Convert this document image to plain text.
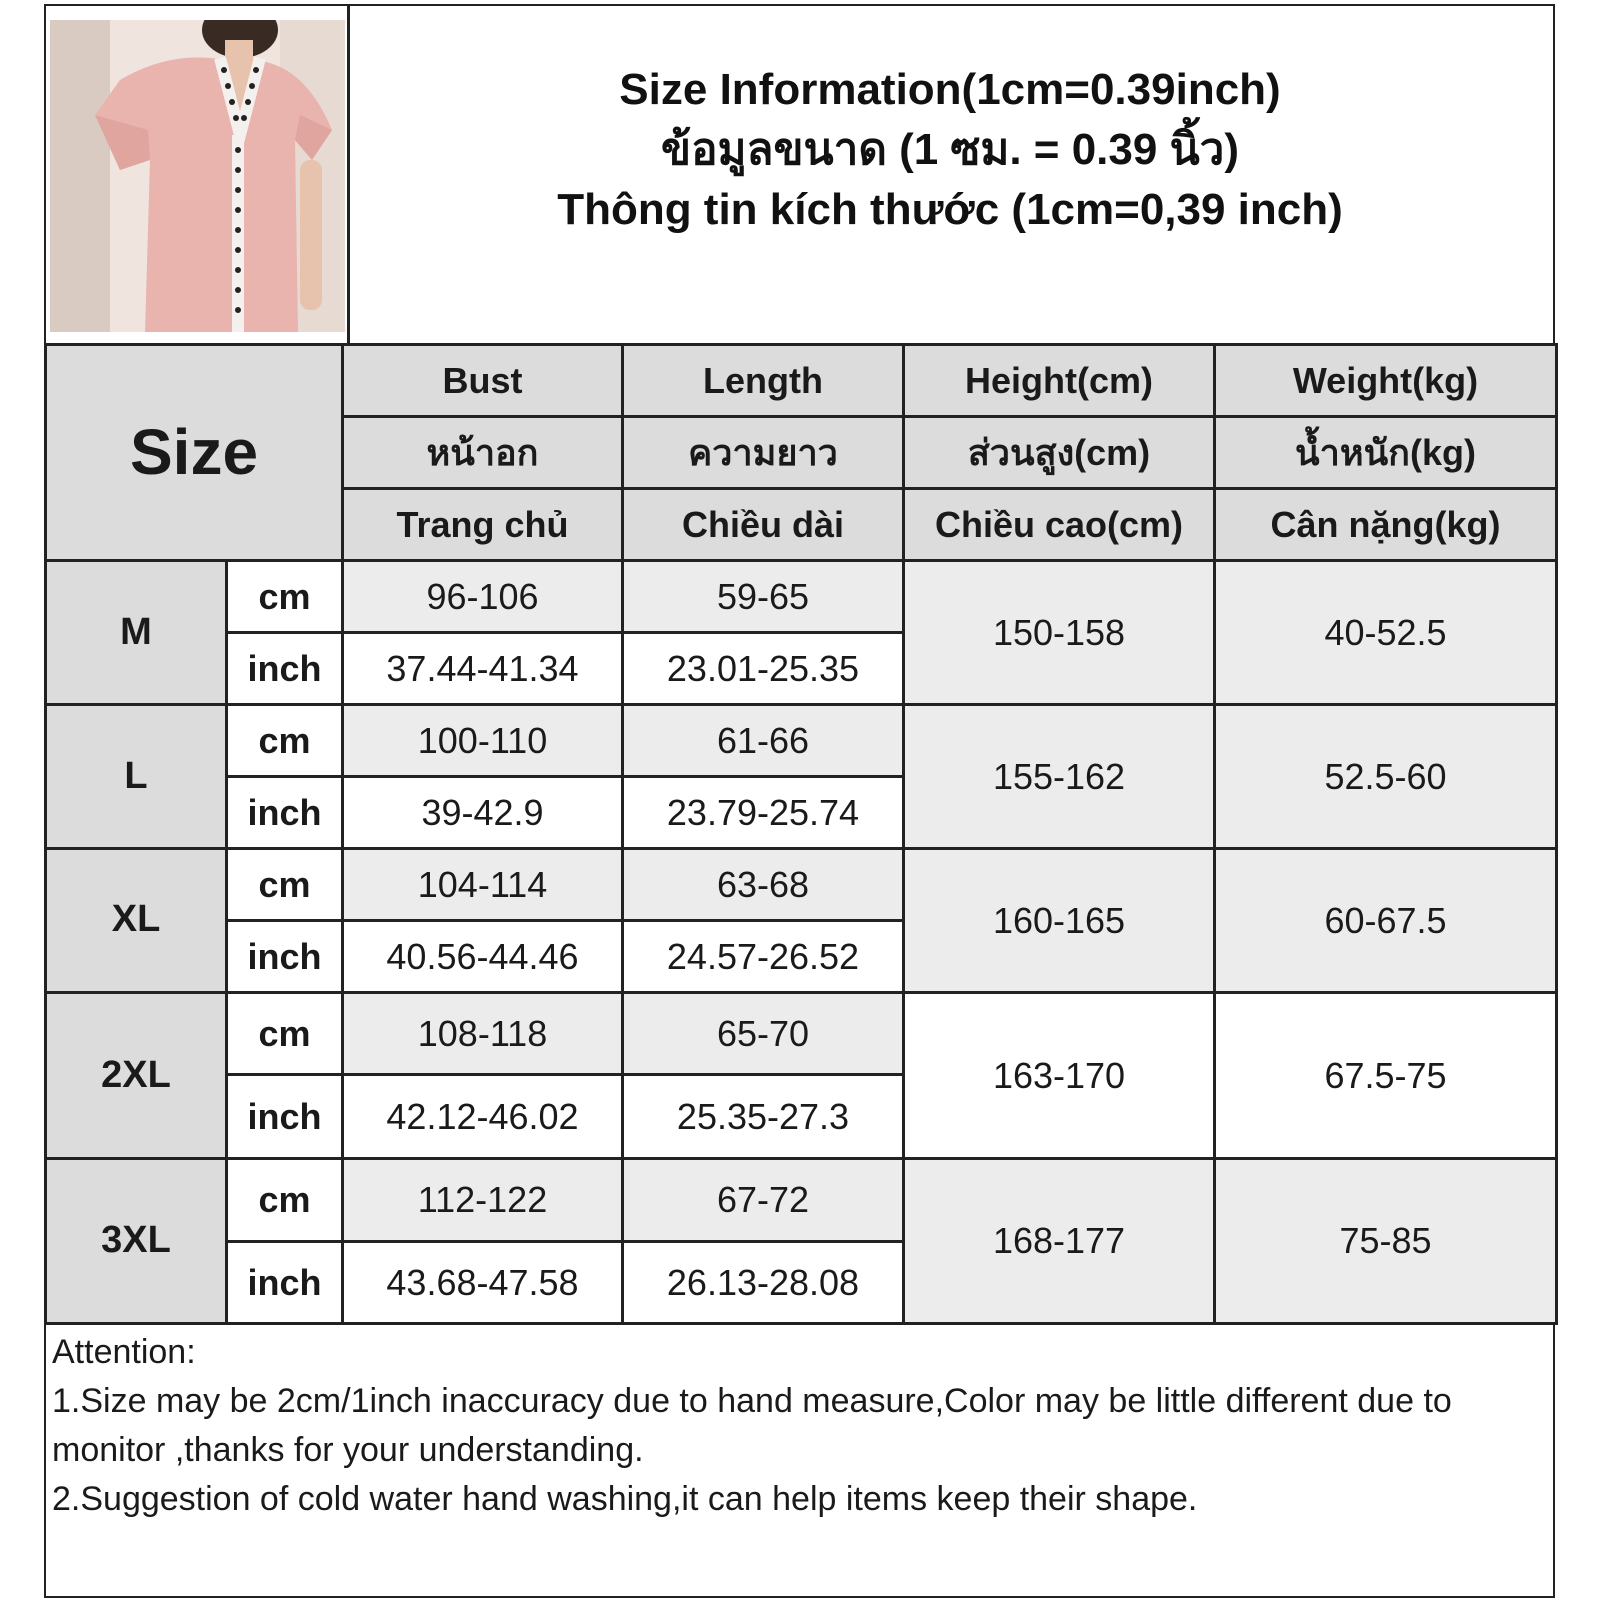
Size Information(1cm=0.39inch)
ข้อมูลขนาด (1 ซม. = 0.39 นิ้ว)
Thông tin kích thước (1cm=0,39 inch)
Size		Bust	Length	Height(cm)	Weight(kg)
		หน้าอก	ความยาว	ส่วนสูง(cm)	น้ำหนัก(kg)
		Trang chủ	Chiều dài	Chiều cao(cm)	Cân nặng(kg)
M	cm	96-106	59-65	150-158	40-52.5
	inch	37.44-41.34	23.01-25.35		
L	cm	100-110	61-66	155-162	52.5-60
	inch	39-42.9	23.79-25.74		
XL	cm	104-114	63-68	160-165	60-67.5
	inch	40.56-44.46	24.57-26.52		
2XL	cm	108-118	65-70	163-170	67.5-75
	inch	42.12-46.02	25.35-27.3		
3XL	cm	112-122	67-72	168-177	75-85
	inch	43.68-47.58	26.13-28.08		
Attention:
1.Size may be 2cm/1inch inaccuracy due to hand measure,Color may be little different due to monitor ,thanks for your understanding.
2.Suggestion of cold water hand washing,it can help items keep their shape.
